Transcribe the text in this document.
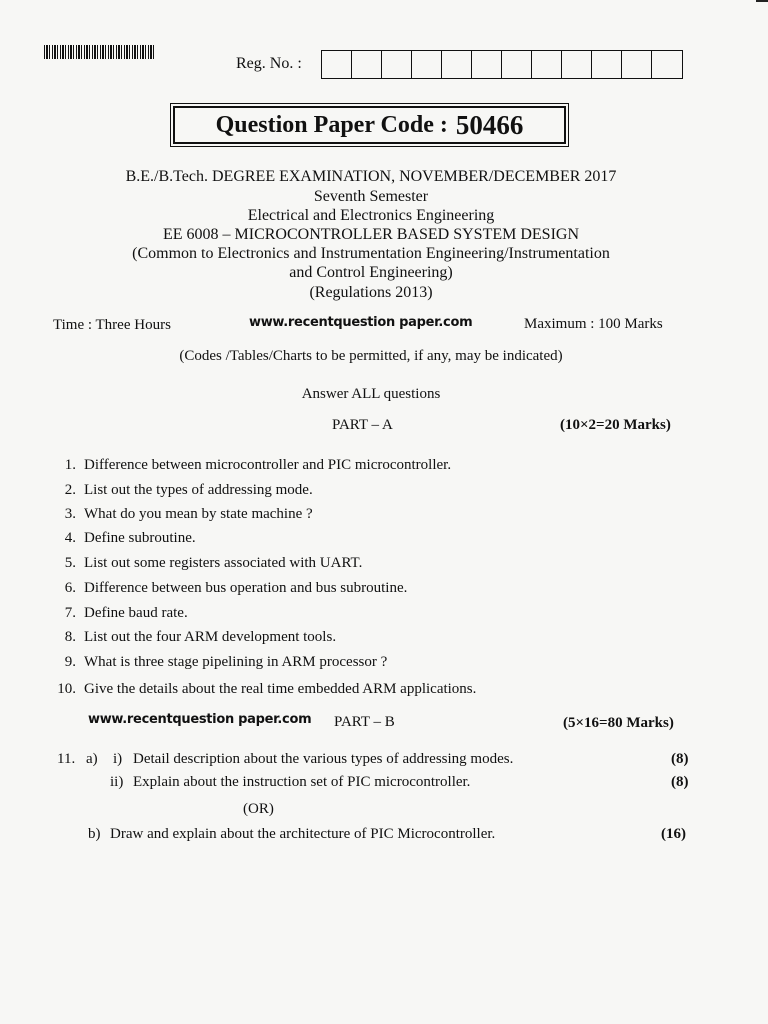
Reg. No. :
Question Paper Code : 50466
B.E./B.Tech. DEGREE EXAMINATION, NOVEMBER/DECEMBER 2017
Seventh Semester
Electrical and Electronics Engineering
EE 6008 – MICROCONTROLLER BASED SYSTEM DESIGN
(Common to Electronics and Instrumentation Engineering/Instrumentation
and Control Engineering)
(Regulations 2013)
Time : Three Hours	www.recentquestion paper.com	Maximum : 100 Marks
(Codes /Tables/Charts to be permitted, if any, may be indicated)
Answer ALL questions
PART – A	(10×2=20 Marks)
1. Difference between microcontroller and PIC microcontroller.
2. List out the types of addressing mode.
3. What do you mean by state machine ?
4. Define subroutine.
5. List out some registers associated with UART.
6. Difference between bus operation and bus subroutine.
7. Define baud rate.
8. List out the four ARM development tools.
9. What is three stage pipelining in ARM processor ?
10. Give the details about the real time embedded ARM applications.
www.recentquestion paper.com PART – B	(5×16=80 Marks)
11. a) i) Detail description about the various types of addressing modes.	(8)
ii) Explain about the instruction set of PIC microcontroller.	(8)
(OR)
b) Draw and explain about the architecture of PIC Microcontroller.	(16)
